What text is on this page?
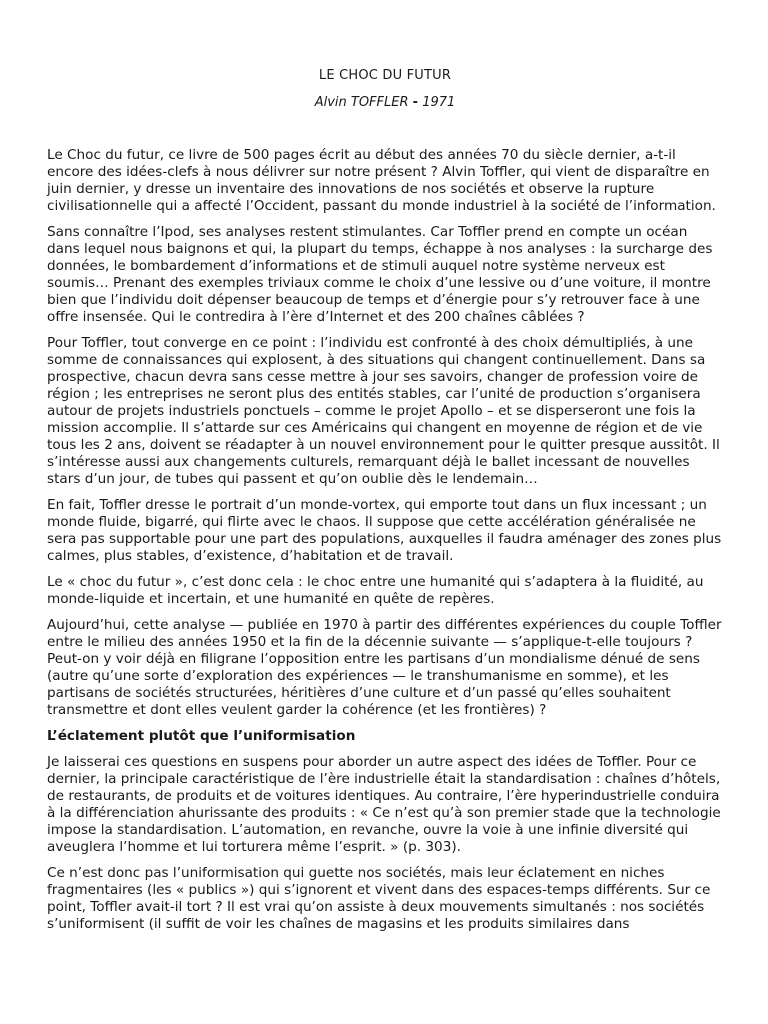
LE CHOC DU FUTUR

Alvin TOFFLER - 1971

Le Choc du futur, ce livre de 500 pages écrit au début des années 70 du siècle dernier, a-t-il encore des idées-clefs à nous délivrer sur notre présent ? Alvin Toffler, qui vient de disparaître en juin dernier, y dresse un inventaire des innovations de nos sociétés et observe la rupture civilisationnelle qui a affecté l’Occident, passant du monde industriel à la société de l’information.

Sans connaître l’Ipod, ses analyses restent stimulantes. Car Toffler prend en compte un océan dans lequel nous baignons et qui, la plupart du temps, échappe à nos analyses : la surcharge des données, le bombardement d’informations et de stimuli auquel notre système nerveux est soumis… Prenant des exemples triviaux comme le choix d’une lessive ou d’une voiture, il montre bien que l’individu doit dépenser beaucoup de temps et d’énergie pour s’y retrouver face à une offre insensée. Qui le contredira à l’ère d’Internet et des 200 chaînes câblées ?

Pour Toffler, tout converge en ce point : l’individu est confronté à des choix démultipliés, à une somme de connaissances qui explosent, à des situations qui changent continuellement. Dans sa prospective, chacun devra sans cesse mettre à jour ses savoirs, changer de profession voire de région ; les entreprises ne seront plus des entités stables, car l’unité de production s’organisera autour de projets industriels ponctuels – comme le projet Apollo – et se disperseront une fois la mission accomplie. Il s’attarde sur ces Américains qui changent en moyenne de région et de vie tous les 2 ans, doivent se réadapter à un nouvel environnement pour le quitter presque aussitôt. Il s’intéresse aussi aux changements culturels, remarquant déjà le ballet incessant de nouvelles stars d’un jour, de tubes qui passent et qu’on oublie dès le lendemain…

En fait, Toffler dresse le portrait d’un monde-vortex, qui emporte tout dans un flux incessant ; un monde fluide, bigarré, qui flirte avec le chaos. Il suppose que cette accélération généralisée ne sera pas supportable pour une part des populations, auxquelles il faudra aménager des zones plus calmes, plus stables, d’existence, d’habitation et de travail.

Le « choc du futur », c’est donc cela : le choc entre une humanité qui s’adaptera à la fluidité, au monde-liquide et incertain, et une humanité en quête de repères.

Aujourd’hui, cette analyse — publiée en 1970 à partir des différentes expériences du couple Toffler entre le milieu des années 1950 et la fin de la décennie suivante — s’applique-t-elle toujours ? Peut-on y voir déjà en filigrane l’opposition entre les partisans d’un mondialisme dénué de sens (autre qu’une sorte d’exploration des expériences — le transhumanisme en somme), et les partisans de sociétés structurées, héritières d’une culture et d’un passé qu’elles souhaitent transmettre et dont elles veulent garder la cohérence (et les frontières) ?

L’éclatement plutôt que l’uniformisation

Je laisserai ces questions en suspens pour aborder un autre aspect des idées de Toffler. Pour ce dernier, la principale caractéristique de l’ère industrielle était la standardisation : chaînes d’hôtels, de restaurants, de produits et de voitures identiques. Au contraire, l’ère hyperindustrielle conduira à la différenciation ahurissante des produits : « Ce n’est qu’à son premier stade que la technologie impose la standardisation. L’automation, en revanche, ouvre la voie à une infinie diversité qui aveuglera l’homme et lui torturera même l’esprit. » (p. 303).

Ce n’est donc pas l’uniformisation qui guette nos sociétés, mais leur éclatement en niches fragmentaires (les « publics ») qui s’ignorent et vivent dans des espaces-temps différents. Sur ce point, Toffler avait-il tort ? Il est vrai qu’on assiste à deux mouvements simultanés : nos sociétés s’uniformisent (il suffit de voir les chaînes de magasins et les produits similaires dans
